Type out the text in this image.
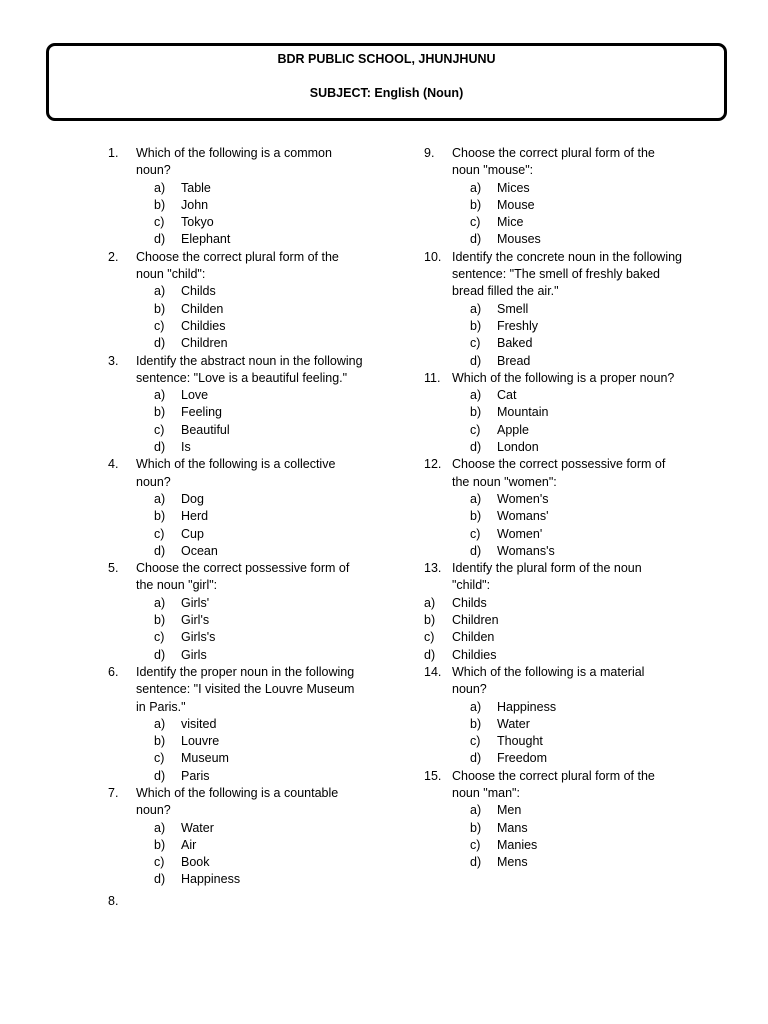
BDR PUBLIC SCHOOL, JHUNJHUNU
SUBJECT: English (Noun)
1.	Which of the following is a common noun?
a)	Table
b)	John
c)	Tokyo
d)	Elephant
2.	Choose the correct plural form of the noun "child":
a)	Childs
b)	Childen
c)	Childies
d)	Children
3.	Identify the abstract noun in the following sentence: "Love is a beautiful feeling."
a)	Love
b)	Feeling
c)	Beautiful
d)	Is
4.	Which of the following is a collective noun?
a)	Dog
b)	Herd
c)	Cup
d)	Ocean
5.	Choose the correct possessive form of the noun "girl":
a)	Girls'
b)	Girl's
c)	Girls's
d)	Girls
6.	Identify the proper noun in the following sentence: "I visited the Louvre Museum in Paris."
a)	visited
b)	Louvre
c)	Museum
d)	Paris
7.	Which of the following is a countable noun?
a)	Water
b)	Air
c)	Book
d)	Happiness
8.
9.	Choose the correct plural form of the noun "mouse":
a)	Mices
b)	Mouse
c)	Mice
d)	Mouses
10. Identify the concrete noun in the following sentence: "The smell of freshly baked bread filled the air."
a)	Smell
b)	Freshly
c)	Baked
d)	Bread
11. Which of the following is a proper noun?
a)	Cat
b)	Mountain
c)	Apple
d)	London
12. Choose the correct possessive form of the noun "women":
a)	Women's
b)	Womans'
c)	Women'
d)	Womans's
13. Identify the plural form of the noun "child":
a)	Childs
b)	Children
c)	Childen
d)	Childies
14. Which of the following is a material noun?
a)	Happiness
b)	Water
c)	Thought
d)	Freedom
15. Choose the correct plural form of the noun "man":
a)	Men
b)	Mans
c)	Manies
d)	Mens
